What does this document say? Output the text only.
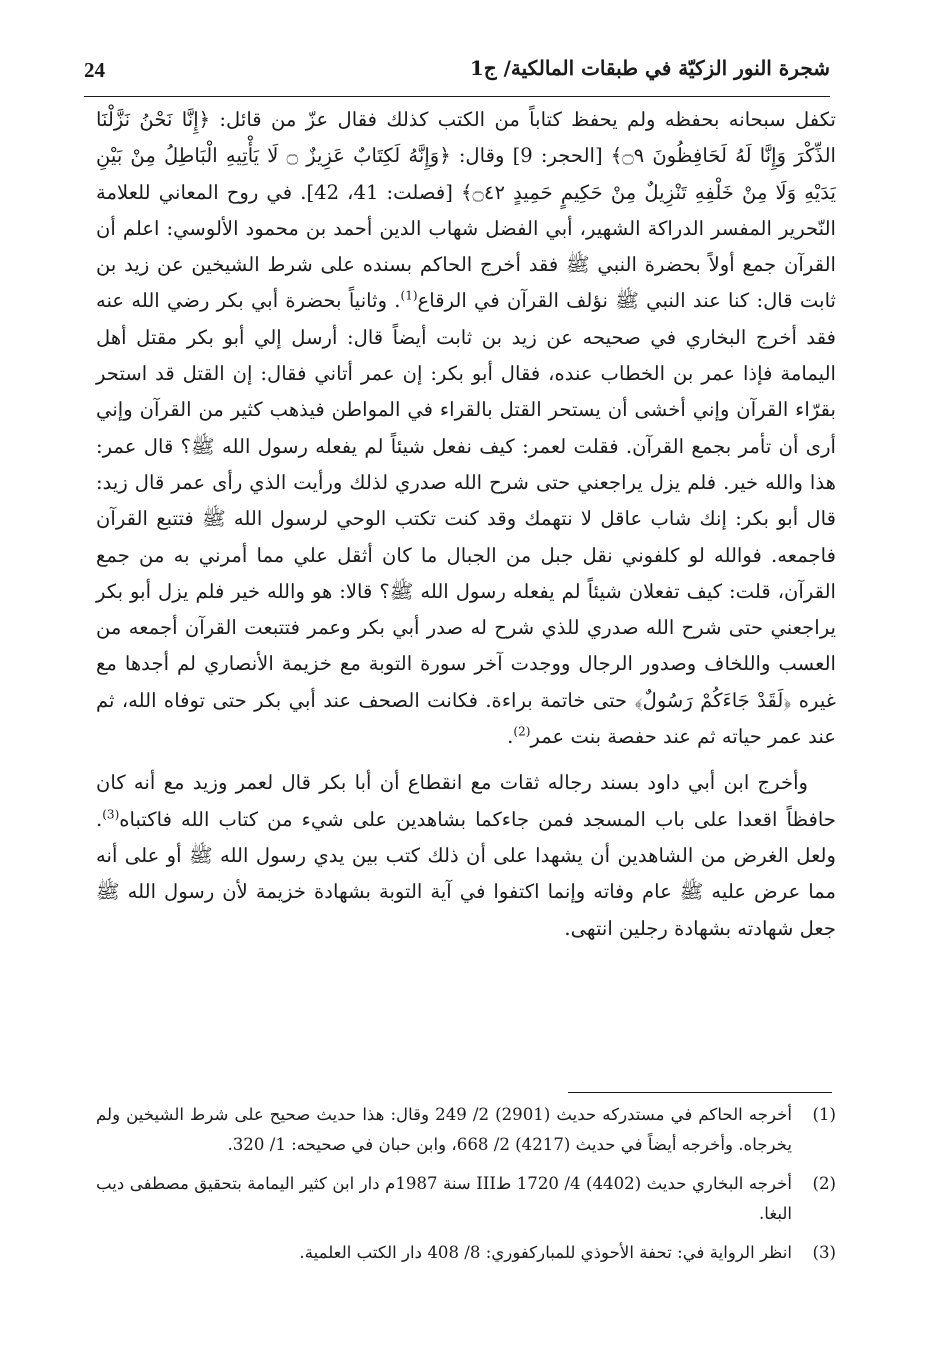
24	شجرة النور الزكيّة في طبقات المالكية/ ج1

تكفل سبحانه بحفظه ولم يحفظ كتاباً من الكتب كذلك فقال عزّ من قائل: ﴿إِنَّا نَحْنُ نَزَّلْنَا الذِّكْرَ وَإِنَّا لَهُ لَحَافِظُونَ ۝٩﴾ [الحجر: 9] وقال: ﴿وَإِنَّهُ لَكِتَابٌ عَزِيزٌ ۝ لَا يَأْتِيهِ الْبَاطِلُ مِنْ بَيْنِ يَدَيْهِ وَلَا مِنْ خَلْفِهِ تَنْزِيلٌ مِنْ حَكِيمٍ حَمِيدٍ ۝٤٢﴾ [فصلت: 41، 42]. في روح المعاني للعلامة النّحرير المفسر الدراكة الشهير، أبي الفضل شهاب الدين أحمد بن محمود الألوسي: اعلم أن القرآن جمع أولاً بحضرة النبي ﷺ فقد أخرج الحاكم بسنده على شرط الشيخين عن زيد بن ثابت قال: كنا عند النبي ﷺ نؤلف القرآن في الرقاع$^{(1)}$. وثانياً بحضرة أبي بكر رضي الله عنه فقد أخرج البخاري في صحيحه عن زيد بن ثابت أيضاً قال: أرسل إلي أبو بكر مقتل أهل اليمامة فإذا عمر بن الخطاب عنده، فقال أبو بكر: إن عمر أتاني فقال: إن القتل قد استحر بقرّاء القرآن وإني أخشى أن يستحر القتل بالقراء في المواطن فيذهب كثير من القرآن وإني أرى أن تأمر بجمع القرآن. فقلت لعمر: كيف نفعل شيئاً لم يفعله رسول الله ﷺ؟ قال عمر: هذا والله خير. فلم يزل يراجعني حتى شرح الله صدري لذلك ورأيت الذي رأى عمر قال زيد: قال أبو بكر: إنك شاب عاقل لا نتهمك وقد كنت تكتب الوحي لرسول الله ﷺ فتتبع القرآن فاجمعه. فوالله لو كلفوني نقل جبل من الجبال ما كان أثقل علي مما أمرني به من جمع القرآن، قلت: كيف تفعلان شيئاً لم يفعله رسول الله ﷺ؟ قالا: هو والله خير فلم يزل أبو بكر يراجعني حتى شرح الله صدري للذي شرح له صدر أبي بكر وعمر فتتبعت القرآن أجمعه من العسب واللخاف وصدور الرجال ووجدت آخر سورة التوبة مع خزيمة الأنصاري لم أجدها مع غيره ﴿لَقَدْ جَاءَكُمْ رَسُولٌ﴾ حتى خاتمة براءة. فكانت الصحف عند أبي بكر حتى توفاه الله، ثم عند عمر حياته ثم عند حفصة بنت عمر$^{(2)}$.

وأخرج ابن أبي داود بسند رجاله ثقات مع انقطاع أن أبا بكر قال لعمر وزيد مع أنه كان حافظاً اقعدا على باب المسجد فمن جاءكما بشاهدين على شيء من كتاب الله فاكتباه$^{(3)}$. ولعل الغرض من الشاهدين أن يشهدا على أن ذلك كتب بين يدي رسول الله ﷺ أو على أنه مما عرض عليه ﷺ عام وفاته وإنما اكتفوا في آية التوبة بشهادة خزيمة لأن رسول الله ﷺ جعل شهادته بشهادة رجلين انتهى.

(1)
أخرجه الحاكم في مستدركه حديث (2901) 2/ 249 وقال: هذا حديث صحيح على شرط الشيخين ولم يخرجاه. وأخرجه أيضاً في حديث (4217) 2/ 668، وابن حبان في صحيحه: 1/ 320.
(2)
أخرجه البخاري حديث (4402) 4/ 1720 طIII سنة 1987م دار ابن كثير اليمامة بتحقيق مصطفى ديب البغا.
(3)
انظر الرواية في: تحفة الأحوذي للمباركفوري: 8/ 408 دار الكتب العلمية.
